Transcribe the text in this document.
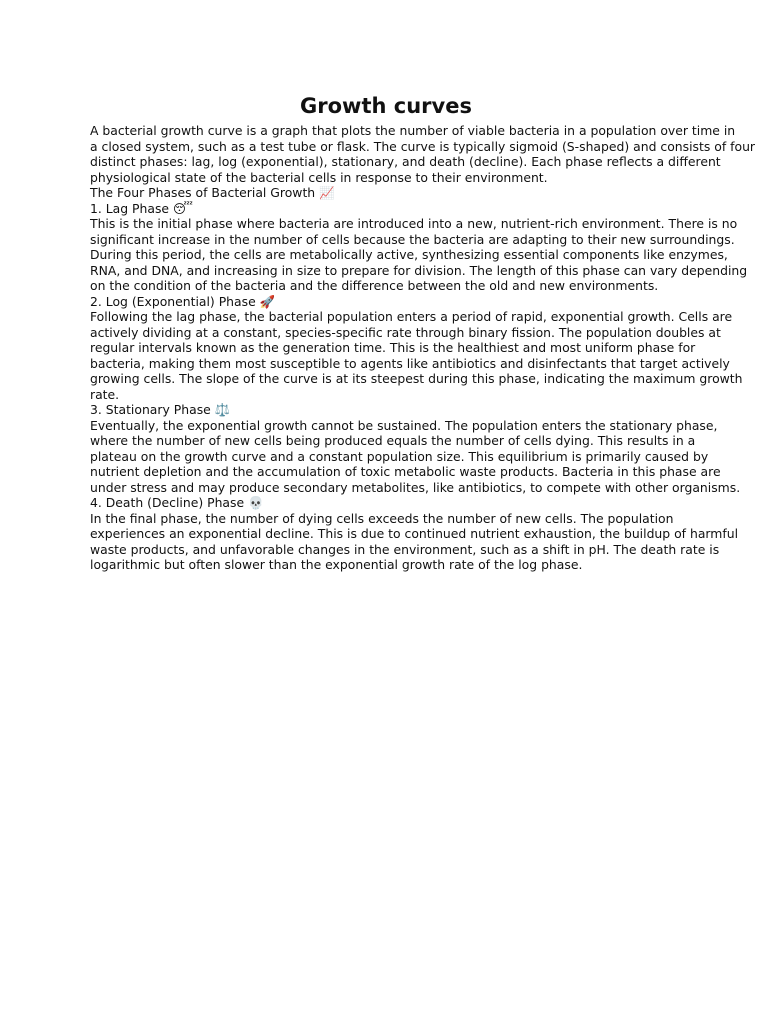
Growth curves

A bacterial growth curve is a graph that plots the number of viable bacteria in a population over time in

a closed system, such as a test tube or flask. The curve is typically sigmoid (S-shaped) and consists of four

distinct phases: lag, log (exponential), stationary, and death (decline). Each phase reflects a different

physiological state of the bacterial cells in response to their environment.

The Four Phases of Bacterial Growth 📈

1. Lag Phase 😴

This is the initial phase where bacteria are introduced into a new, nutrient-rich environment. There is no

significant increase in the number of cells because the bacteria are adapting to their new surroundings.

During this period, the cells are metabolically active, synthesizing essential components like enzymes,

RNA, and DNA, and increasing in size to prepare for division. The length of this phase can vary depending

on the condition of the bacteria and the difference between the old and new environments.

2. Log (Exponential) Phase 🚀

Following the lag phase, the bacterial population enters a period of rapid, exponential growth. Cells are

actively dividing at a constant, species-specific rate through binary fission. The population doubles at

regular intervals known as the generation time. This is the healthiest and most uniform phase for

bacteria, making them most susceptible to agents like antibiotics and disinfectants that target actively

growing cells. The slope of the curve is at its steepest during this phase, indicating the maximum growth

rate.

3. Stationary Phase ⚖️

Eventually, the exponential growth cannot be sustained. The population enters the stationary phase,

where the number of new cells being produced equals the number of cells dying. This results in a

plateau on the growth curve and a constant population size. This equilibrium is primarily caused by

nutrient depletion and the accumulation of toxic metabolic waste products. Bacteria in this phase are

under stress and may produce secondary metabolites, like antibiotics, to compete with other organisms.

4. Death (Decline) Phase 💀

In the final phase, the number of dying cells exceeds the number of new cells. The population

experiences an exponential decline. This is due to continued nutrient exhaustion, the buildup of harmful

waste products, and unfavorable changes in the environment, such as a shift in pH. The death rate is

logarithmic but often slower than the exponential growth rate of the log phase.
